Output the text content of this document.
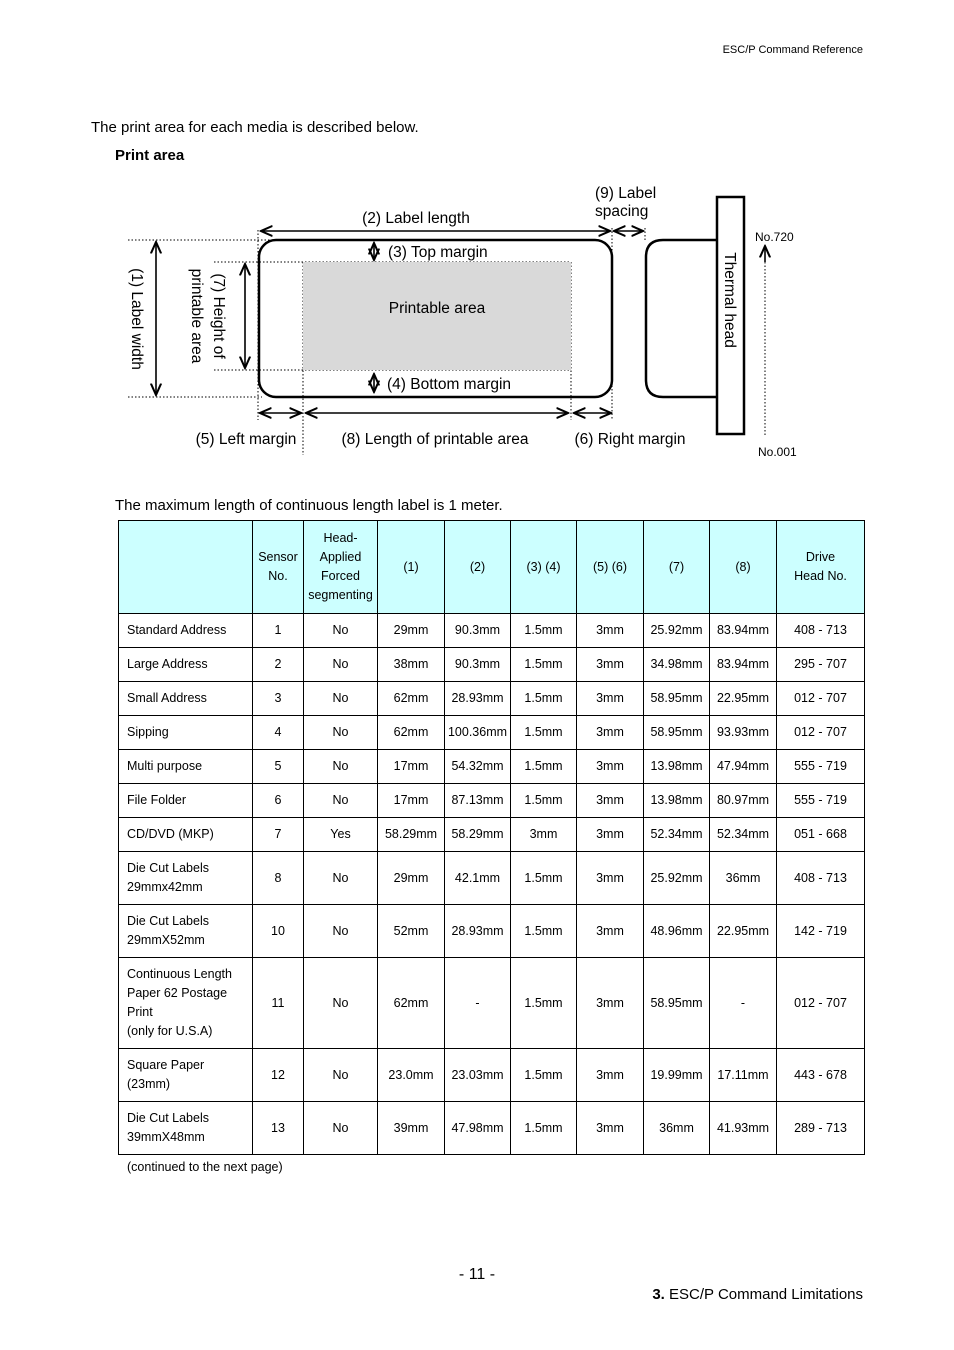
ESC/P Command Reference
The print area for each media is described below.
Print area
(2) Label length
(9) Label
spacing
(3) Top margin
Printable area
(4) Bottom margin
(5) Left margin	(8) Length of printable area	(6) Right margin
(1) Label width	(7) Height of
printable area	Thermal head
No.720
No.001
The maximum length of continuous length label is 1 meter.
	Sensor
No.	Head-
Applied
Forced
segmenting	(1)	(2)	(3) (4)	(5) (6)	(7)	(8)	Drive
Head No.
Standard Address	1	No	29mm	90.3mm	1.5mm	3mm	25.92mm	83.94mm	408 - 713
Large Address	2	No	38mm	90.3mm	1.5mm	3mm	34.98mm	83.94mm	295 - 707
Small Address	3	No	62mm	28.93mm	1.5mm	3mm	58.95mm	22.95mm	012 - 707
Sipping	4	No	62mm	100.36mm	1.5mm	3mm	58.95mm	93.93mm	012 - 707
Multi purpose	5	No	17mm	54.32mm	1.5mm	3mm	13.98mm	47.94mm	555 - 719
File Folder	6	No	17mm	87.13mm	1.5mm	3mm	13.98mm	80.97mm	555 - 719
CD/DVD (MKP)	7	Yes	58.29mm	58.29mm	3mm	3mm	52.34mm	52.34mm	051 - 668
Die Cut Labels
29mmx42mm	8	No	29mm	42.1mm	1.5mm	3mm	25.92mm	36mm	408 - 713
Die Cut Labels
29mmX52mm	10	No	52mm	28.93mm	1.5mm	3mm	48.96mm	22.95mm	142 - 719
Continuous Length
Paper 62 Postage
Print
(only for U.S.A)	11	No	62mm	-	1.5mm	3mm	58.95mm	-	012 - 707
Square Paper
(23mm)	12	No	23.0mm	23.03mm	1.5mm	3mm	19.99mm	17.11mm	443 - 678
Die Cut Labels
39mmX48mm	13	No	39mm	47.98mm	1.5mm	3mm	36mm	41.93mm	289 - 713
(continued to the next page)
- 11 -
3. ESC/P Command Limitations
